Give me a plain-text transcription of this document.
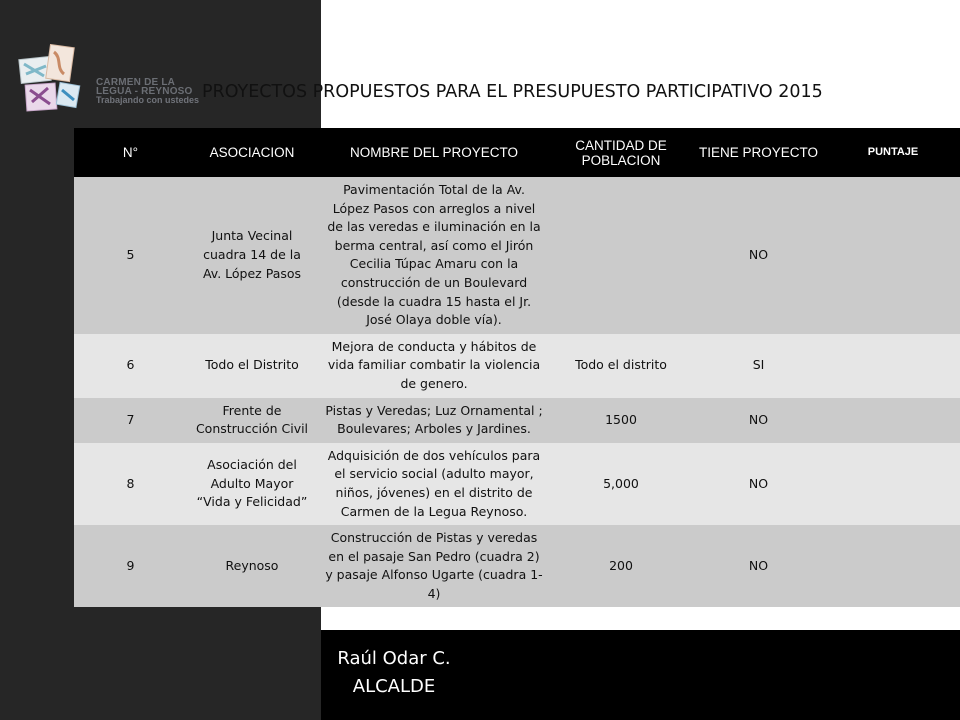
CARMEN DE LA
LEGUA - REYNOSO
Trabajando con ustedes PROYECTOS PROPUESTOS PARA EL PRESUPUESTO PARTICIPATIVO 2015
N°	ASOCIACION	NOMBRE DEL PROYECTO	CANTIDAD DE POBLACION	TIENE PROYECTO	PUNTAJE
5	Junta Vecinal cuadra 14 de la Av. López Pasos	Pavimentación Total de la Av. López Pasos con arreglos a nivel de las veredas e iluminación en la berma central, así como el Jirón Cecilia Túpac Amaru con la construcción de un Boulevard (desde la cuadra 15 hasta el Jr. José Olaya doble vía).		NO	
6	Todo el Distrito	Mejora de conducta y hábitos de vida familiar combatir la violencia de genero.	Todo el distrito	SI	
7	Frente de Construcción Civil	Pistas y Veredas; Luz Ornamental ; Boulevares; Arboles y Jardines.	1500	NO	
8	Asociación del Adulto Mayor “Vida y Felicidad”	Adquisición de dos vehículos para el servicio social (adulto mayor, niños, jóvenes) en el distrito de Carmen de la Legua Reynoso.	5,000	NO	
9	Reynoso	Construcción de Pistas y veredas en el pasaje San Pedro (cuadra 2) y pasaje Alfonso Ugarte (cuadra 1-4)	200	NO	
Raúl Odar C.
ALCALDE
